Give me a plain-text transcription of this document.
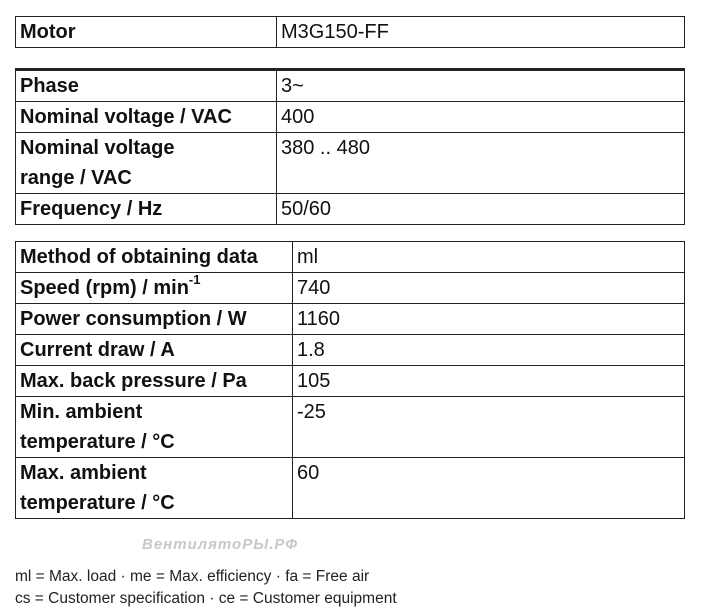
Motor	M3G150-FF
Phase	3~
Nominal voltage / VAC	400
Nominal voltage range / VAC	380 .. 480
Frequency / Hz	50/60
Method of obtaining data	ml
Speed $(rpm) / \min^{-1}$	740
Power consumption / W	1160
Current draw / A	1.8
Max. back pressure / Pa	105
Min. ambient temperature / °C	-25
Max. ambient temperature / °C	60
ВентилятоРЫ.РФ
ml = Max. load · me = Max. efficiency · fa = Free air
cs = Customer specification · ce = Customer equipment
